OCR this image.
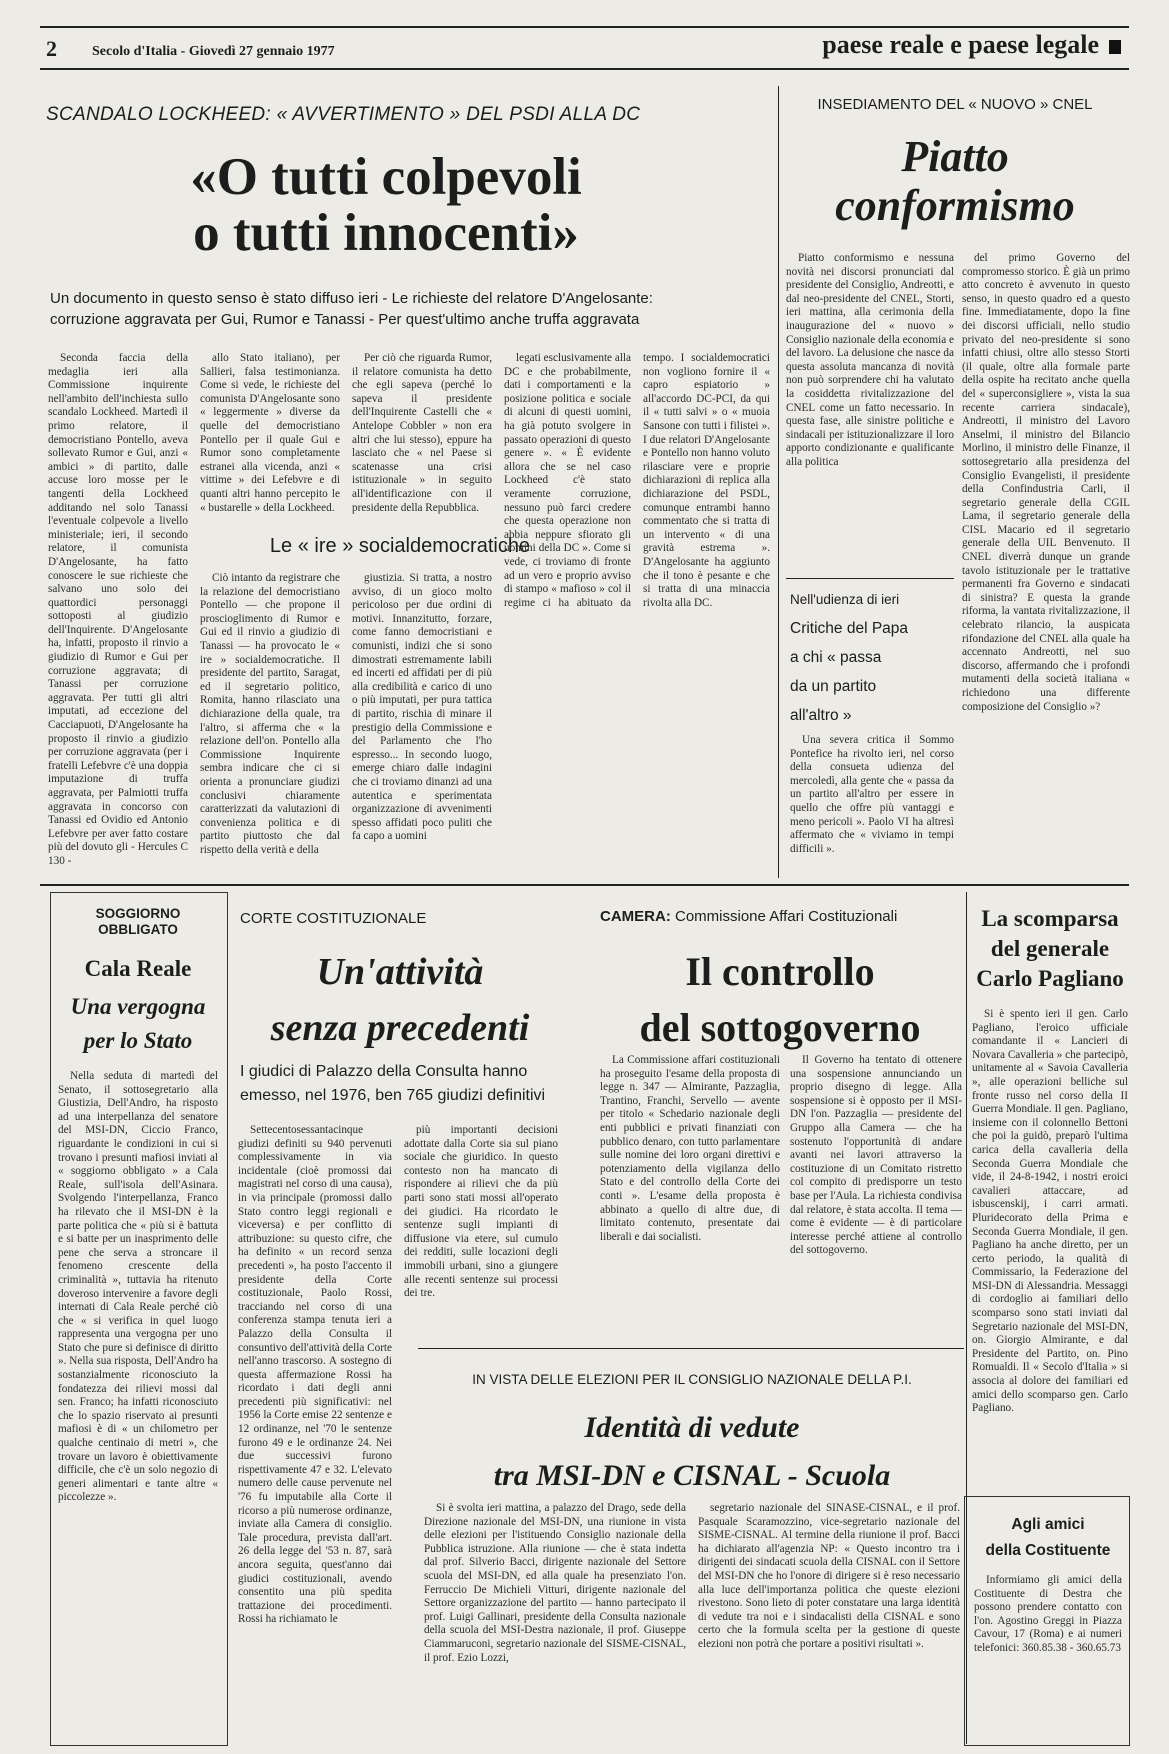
2	Secolo d'Italia - Giovedì 27 gennaio 1977	paese reale e paese legale
SCANDALO LOCKHEED: « AVVERTIMENTO » DEL PSDI ALLA DC
«O tutti colpevoli
o tutti innocenti»
Un documento in questo senso è stato diffuso ieri - Le richieste del relatore D'Angelosante:
corruzione aggravata per Gui, Rumor e Tanassi - Per quest'ultimo anche truffa aggravata

Seconda faccia della medaglia ieri alla Commissione inquirente nell'ambito dell'inchiesta sullo scandalo Lockheed. Martedì il primo relatore, il democristiano Pontello, aveva sollevato Rumor e Gui, anzi « ambici » di partito, dalle accuse loro mosse per le tangenti della Lockheed additando nel solo Tanassi l'eventuale colpevole a livello ministeriale; ieri, il secondo relatore, il comunista D'Angelosante, ha fatto conoscere le sue richieste che salvano uno solo dei quattordici personaggi sottoposti al giudizio dell'Inquirente. D'Angelosante ha, infatti, proposto il rinvio a giudizio di Rumor e Gui per corruzione aggravata; di Tanassi per corruzione aggravata. Per tutti gli altri imputati, ad eccezione del Cacciapuoti, D'Angelosante ha proposto il rinvio a giudizio per corruzione aggravata (per i fratelli Lefebvre c'è una doppia imputazione di truffa aggravata, per Palmiotti truffa aggravata in concorso con Tanassi ed Ovidio ed Antonio Lefebvre per aver fatto costare più del dovuto gli - Hercules C 130 -

allo Stato italiano), per Sallieri, falsa testimonianza. Come si vede, le richieste del comunista D'Angelosante sono « leggermente » diverse da quelle del democristiano Pontello per il quale Gui e Rumor sono completamente estranei alla vicenda, anzi « vittime » dei Lefebvre e di quanti altri hanno percepito le « bustarelle » della Lockheed.

Per ciò che riguarda Rumor, il relatore comunista ha detto che egli sapeva (perché lo sapeva il presidente dell'Inquirente Castelli che « Antelope Cobbler » non era altri che lui stesso), eppure ha lasciato che « nel Paese si scatenasse una crisi istituzionale » in seguito all'identificazione con il presidente della Repubblica.

Le « ire » socialdemocratiche

Ciò intanto da registrare che la relazione del democristiano Pontello — che propone il proscioglimento di Rumor e Gui ed il rinvio a giudizio di Tanassi — ha provocato le « ire » socialdemocratiche. Il presidente del partito, Saragat, ed il segretario politico, Romita, hanno rilasciato una dichiarazione della quale, tra l'altro, si afferma che « la relazione dell'on. Pontello alla Commissione Inquirente sembra indicare che ci si orienta a pronunciare giudizi conclusivi chiaramente caratterizzati da valutazioni di convenienza politica e di partito piuttosto che dal rispetto della verità e della

giustizia. Si tratta, a nostro avviso, di un gioco molto pericoloso per due ordini di motivi. Innanzitutto, forzare, come fanno democristiani e comunisti, indizi che si sono dimostrati estremamente labili ed incerti ed affidati per di più alla credibilità e carico di uno o più imputati, per pura tattica di partito, rischia di minare il prestigio della Commissione e del Parlamento che l'ho espresso... In secondo luogo, emerge chiaro dalle indagini che ci troviamo dinanzi ad una autentica e sperimentata organizzazione di avvenimenti spesso affidati poco puliti che fa capo a uomini

legati esclusivamente alla DC e che probabilmente, dati i comportamenti e la posizione politica e sociale di alcuni di questi uomini, ha già potuto svolgere in passato operazioni di questo genere ». « È evidente allora che se nel caso Lockheed c'è stato veramente corruzione, nessuno può farci credere che questa operazione non abbia neppure sfiorato gli uomini della DC ». Come si vede, ci troviamo di fronte ad un vero e proprio avviso di stampo « mafioso » col il regime ci ha abituato da tempo. I socialdemocratici non vogliono fornire il « capro espiatorio » all'accordo DC-PCI, da qui il « tutti salvi » o « muoia Sansone con tutti i filistei ». I due relatori D'Angelosante e Pontello non hanno voluto rilasciare vere e proprie dichiarazioni di replica alla dichiarazione del PSDL, comunque entrambi hanno commentato che si tratta di un intervento « di una gravità estrema ». D'Angelosante ha aggiunto che il tono è pesante e che si tratta di una minaccia rivolta alla DC.

INSEDIAMENTO DEL « NUOVO » CNEL
Piatto
conformismo

Piatto conformismo e nessuna novità nei discorsi pronunciati dal presidente del Consiglio, Andreotti, e dal neo-presidente del CNEL, Storti, ieri mattina, alla cerimonia della inaugurazione del « nuovo » Consiglio nazionale della economia e del lavoro. La delusione che nasce da questa assoluta mancanza di novità non può sorprendere chi ha valutato la cosiddetta rivitalizzazione del CNEL come un fatto necessario. In questa fase, alle sinistre politiche e sindacali per istituzionalizzare il loro apporto condizionante e qualificante alla politica

del primo Governo del compromesso storico. È già un primo atto concreto è avvenuto in questo senso, in questo quadro ed a questo fine. Immediatamente, dopo la fine dei discorsi ufficiali, nello studio privato del neo-presidente si sono infatti chiusi, oltre allo stesso Storti (il quale, oltre alla formale parte della ospite ha recitato anche quella del « superconsigliere », vista la sua recente carriera sindacale), Andreotti, il ministro del Lavoro Anselmi, il ministro del Bilancio Morlino, il ministro delle Finanze, il sottosegretario alla presidenza del Consiglio Evangelisti, il presidente della Confindustria Carli, il segretario generale della CGIL Lama, il segretario generale della CISL Macario ed il segretario generale della UIL Benvenuto. Il CNEL diverrà dunque un grande tavolo istituzionale per le trattative permanenti fra Governo e sindacati di sinistra? E questa la grande riforma, la vantata rivitalizzazione, il celebrato rilancio, la auspicata rifondazione del CNEL alla quale ha accennato Andreotti, nel suo discorso, affermando che i profondi mutamenti della società italiana « richiedono una differente composizione del Consiglio »?

Nell'udienza di ieri
Critiche del Papa
a chi « passa
da un partito
all'altro »

Una severa critica il Sommo Pontefice ha rivolto ieri, nel corso della consueta udienza del mercoledì, alla gente che « passa da un partito all'altro per essere in quello che offre più vantaggi e meno pericoli ». Paolo VI ha altresì affermato che « viviamo in tempi difficili ».

SOGGIORNO
OBBLIGATO
Cala Reale
Una vergogna
per lo Stato

Nella seduta di martedì del Senato, il sottosegretario alla Giustizia, Dell'Andro, ha risposto ad una interpellanza del senatore del MSI-DN, Ciccio Franco, riguardante le condizioni in cui si trovano i presunti mafiosi inviati al « soggiorno obbligato » a Cala Reale, sull'isola dell'Asinara. Svolgendo l'interpellanza, Franco ha rilevato che il MSI-DN è la parte politica che « più si è battuta e si batte per un inasprimento delle pene che serva a stroncare il fenomeno crescente della criminalità », tuttavia ha ritenuto doveroso intervenire a favore degli internati di Cala Reale perché ciò che « si verifica in quel luogo rappresenta una vergogna per uno Stato che pure si definisce di diritto ». Nella sua risposta, Dell'Andro ha sostanzialmente riconosciuto la fondatezza dei rilievi mossi dal sen. Franco; ha infatti riconosciuto che lo spazio riservato ai presunti mafiosi è di « un chilometro per qualche centinaio di metri », che trovare un lavoro è obiettivamente difficile, che c'è un solo negozio di generi alimentari e tante altre « piccolezze ».

CORTE COSTITUZIONALE
Un'attività
senza precedenti
I giudici di Palazzo della Consulta hanno
emesso, nel 1976, ben 765 giudizi definitivi

Settecentosessantacinque giudizi definiti su 940 pervenuti complessivamente in via incidentale (cioè promossi dai magistrati nel corso di una causa), in via principale (promossi dallo Stato contro leggi regionali e viceversa) e per conflitto di attribuzione: su questo cifre, che ha definito « un record senza precedenti », ha posto l'accento il presidente della Corte costituzionale, Paolo Rossi, tracciando nel corso di una conferenza stampa tenuta ieri a Palazzo della Consulta il consuntivo dell'attività della Corte nell'anno trascorso. A sostegno di questa affermazione Rossi ha ricordato i dati degli anni precedenti più significativi: nel 1956 la Corte emise 22 sentenze e 12 ordinanze, nel '70 le sentenze furono 49 e le ordinanze 24. Nei due successivi furono rispettivamente 47 e 32. L'elevato numero delle cause pervenute nel '76 fu imputabile alla Corte il ricorso a più numerose ordinanze, inviate alla Camera di consiglio. Tale procedura, prevista dall'art. 26 della legge del '53 n. 87, sarà ancora seguita, quest'anno dai giudici costituzionali, avendo consentito una più spedita trattazione dei procedimenti. Rossi ha richiamato le

più importanti decisioni adottate dalla Corte sia sul piano sociale che giuridico. In questo contesto non ha mancato di rispondere ai rilievi che da più parti sono stati mossi all'operato dei giudici. Ha ricordato le sentenze sugli impianti di diffusione via etere, sul cumulo dei redditi, sulle locazioni degli immobili urbani, sino a giungere alle recenti sentenze sui processi dei tre.

CAMERA: Commissione Affari Costituzionali
Il controllo
del sottogoverno

La Commissione affari costituzionali ha proseguito l'esame della proposta di legge n. 347 — Almirante, Pazzaglia, Trantino, Franchi, Servello — avente per titolo « Schedario nazionale degli enti pubblici e privati finanziati con pubblico denaro, con tutto parlamentare sulle nomine dei loro organi direttivi e potenziamento della vigilanza dello Stato e del controllo della Corte dei conti ». L'esame della proposta è abbinato a quello di altre due, di limitato contenuto, presentate dai liberali e dai socialisti.

Il Governo ha tentato di ottenere una sospensione annunciando un proprio disegno di legge. Alla sospensione si è opposto per il MSI-DN l'on. Pazzaglia — presidente del Gruppo alla Camera — che ha sostenuto l'opportunità di andare avanti nei lavori attraverso la costituzione di un Comitato ristretto col compito di predisporre un testo base per l'Aula. La richiesta condivisa dal relatore, è stata accolta. Il tema — come è evidente — è di particolare interesse perché attiene al controllo del sottogoverno.

IN VISTA DELLE ELEZIONI PER IL CONSIGLIO NAZIONALE DELLA P.I.
Identità di vedute
tra MSI-DN e CISNAL - Scuola

Si è svolta ieri mattina, a palazzo del Drago, sede della Direzione nazionale del MSI-DN, una riunione in vista delle elezioni per l'istituendo Consiglio nazionale della Pubblica istruzione. Alla riunione — che è stata indetta dal prof. Silverio Bacci, dirigente nazionale del Settore scuola del MSI-DN, ed alla quale ha presenziato l'on. Ferruccio De Michieli Vitturi, dirigente nazionale del Settore organizzazione del partito — hanno partecipato il prof. Luigi Gallinari, presidente della Consulta nazionale della scuola del MSI-Destra nazionale, il prof. Giuseppe Ciammaruconi, segretario nazionale del SISME-CISNAL, il prof. Ezio Lozzi,

segretario nazionale del SINASE-CISNAL, e il prof. Pasquale Scaramozzino, vice-segretario nazionale del SISME-CISNAL. Al termine della riunione il prof. Bacci ha dichiarato all'agenzia NP: « Questo incontro tra i dirigenti dei sindacati scuola della CISNAL con il Settore del MSI-DN che ho l'onore di dirigere si è reso necessario alla luce dell'importanza politica che queste elezioni rivestono. Sono lieto di poter constatare una larga identità di vedute tra noi e i sindacalisti della CISNAL e sono certo che la formula scelta per la gestione di queste elezioni non potrà che portare a positivi risultati ».

La scomparsa
del generale
Carlo Pagliano

Si è spento ieri il gen. Carlo Pagliano, l'eroico ufficiale comandante il « Lancieri di Novara Cavalleria » che partecipò, unitamente al « Savoia Cavalleria », alle operazioni belliche sul fronte russo nel corso della II Guerra Mondiale. Il gen. Pagliano, insieme con il colonnello Bettoni che poi la guidò, preparò l'ultima carica della cavalleria della Seconda Guerra Mondiale che vide, il 24-8-1942, i nostri eroici cavalieri attaccare, ad isbuscenskij, i carri armati. Pluridecorato della Prima e Seconda Guerra Mondiale, il gen. Pagliano ha anche diretto, per un certo periodo, la qualità di Commissario, la Federazione del MSI-DN di Alessandria. Messaggi di cordoglio ai familiari dello scomparso sono stati inviati dal Segretario nazionale del MSI-DN, on. Giorgio Almirante, e dal Presidente del Partito, on. Pino Romualdi. Il « Secolo d'Italia » si associa al dolore dei familiari ed amici dello scomparso gen. Carlo Pagliano.

Agli amici
della Costituente

Informiamo gli amici della Costituente di Destra che possono prendere contatto con l'on. Agostino Greggi in Piazza Cavour, 17 (Roma) e ai numeri telefonici: 360.85.38 - 360.65.73
